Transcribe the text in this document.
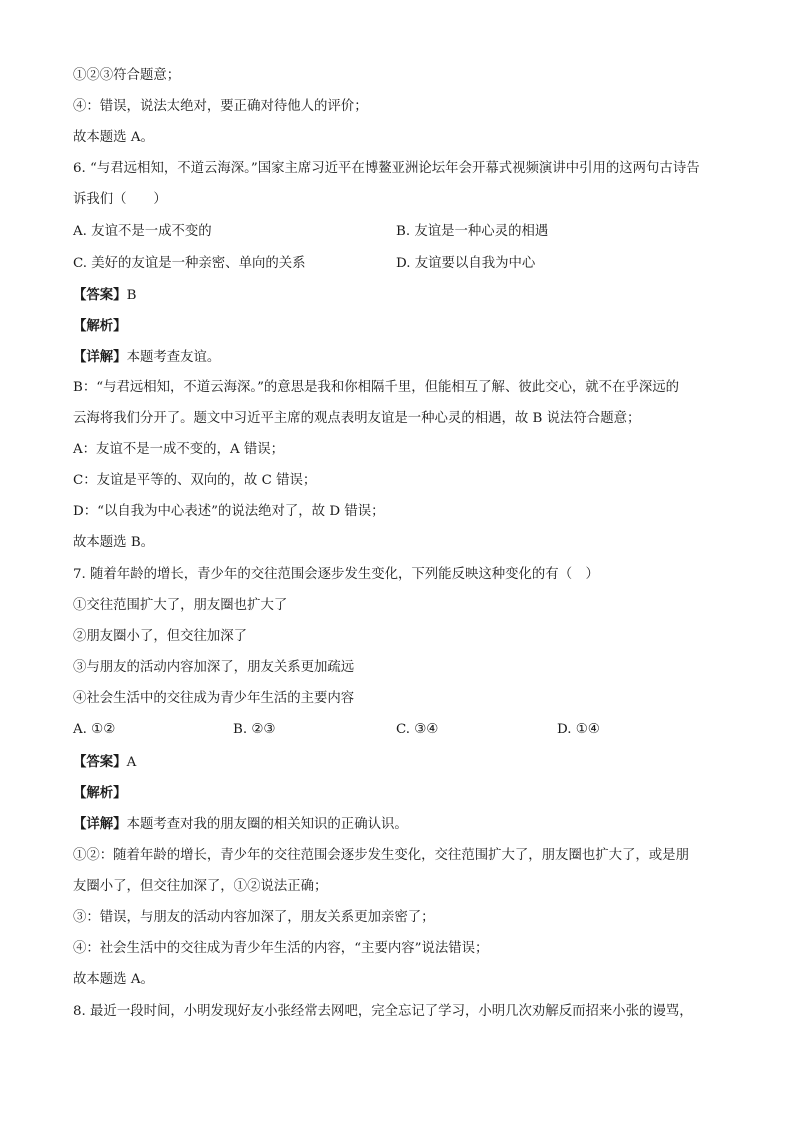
①②③符合题意；
④：错误，说法太绝对，要正确对待他人的评价；
故本题选 A。
6. “与君远相知，不道云海深。”国家主席习近平在博鳌亚洲论坛年会开幕式视频演讲中引用的这两句古诗告
诉我们（　　）
A. 友谊不是一成不变的	B. 友谊是一种心灵的相遇
C. 美好的友谊是一种亲密、单向的关系	D. 友谊要以自我为中心
【答案】B
【解析】
【详解】本题考查友谊。
B：“与君远相知，不道云海深。”的意思是我和你相隔千里，但能相互了解、彼此交心，就不在乎深远的
云海将我们分开了。题文中习近平主席的观点表明友谊是一种心灵的相遇，故 B 说法符合题意；
A：友谊不是一成不变的，A 错误；
C：友谊是平等的、双向的，故 C 错误；
D：“以自我为中心表述”的说法绝对了，故 D 错误；
故本题选 B。
7. 随着年龄的增长，青少年的交往范围会逐步发生变化，下列能反映这种变化的有（　）
①交往范围扩大了，朋友圈也扩大了
②朋友圈小了，但交往加深了
③与朋友的活动内容加深了，朋友关系更加疏远
④社会生活中的交往成为青少年生活的主要内容
A. ①②	B. ②③	C. ③④	D. ①④
【答案】A
【解析】
【详解】本题考查对我的朋友圈的相关知识的正确认识。
①②：随着年龄的增长，青少年的交往范围会逐步发生变化，交往范围扩大了，朋友圈也扩大了，或是朋
友圈小了，但交往加深了，①②说法正确；
③：错误，与朋友的活动内容加深了，朋友关系更加亲密了；
④：社会生活中的交往成为青少年生活的内容，“主要内容”说法错误；
故本题选 A。
8. 最近一段时间，小明发现好友小张经常去网吧，完全忘记了学习，小明几次劝解反而招来小张的谩骂，
